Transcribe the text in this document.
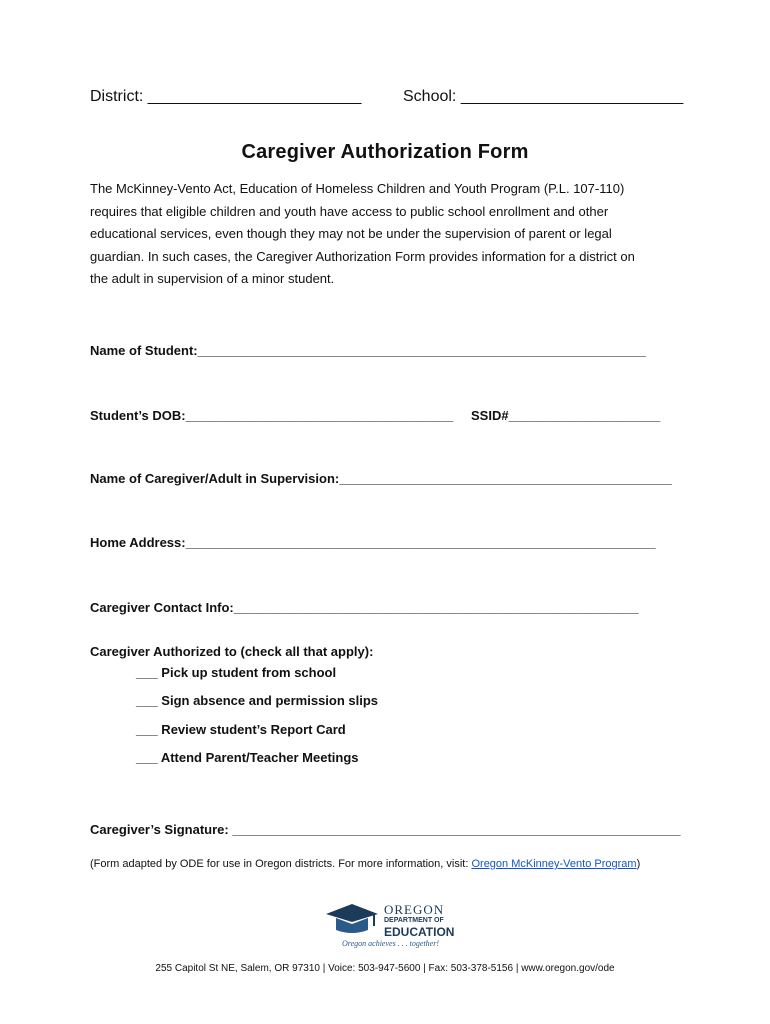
District: ________________________	School: _________________________
Caregiver Authorization Form
The McKinney-Vento Act, Education of Homeless Children and Youth Program (P.L. 107-110)
requires that eligible children and youth have access to public school enrollment and other
educational services, even though they may not be under the supervision of parent or legal
guardian. In such cases, the Caregiver Authorization Form provides information for a district on
the adult in supervision of a minor student.
Name of Student:______________________________________________________________
Student’s DOB:_____________________________________ SSID#_____________________
Name of Caregiver/Adult in Supervision:______________________________________________
Home Address:_________________________________________________________________
Caregiver Contact Info:________________________________________________________
Caregiver Authorized to (check all that apply):
___ Pick up student from school
___ Sign absence and permission slips
___ Review student’s Report Card
___ Attend Parent/Teacher Meetings
Caregiver’s Signature: ______________________________________________________________
(Form adapted by ODE for use in Oregon districts. For more information, visit: Oregon McKinney-Vento Program)
OREGON
DEPARTMENT OF
EDUCATION
Oregon achieves . . . together!
255 Capitol St NE, Salem, OR 97310 | Voice: 503-947-5600 | Fax: 503-378-5156 | www.oregon.gov/ode
